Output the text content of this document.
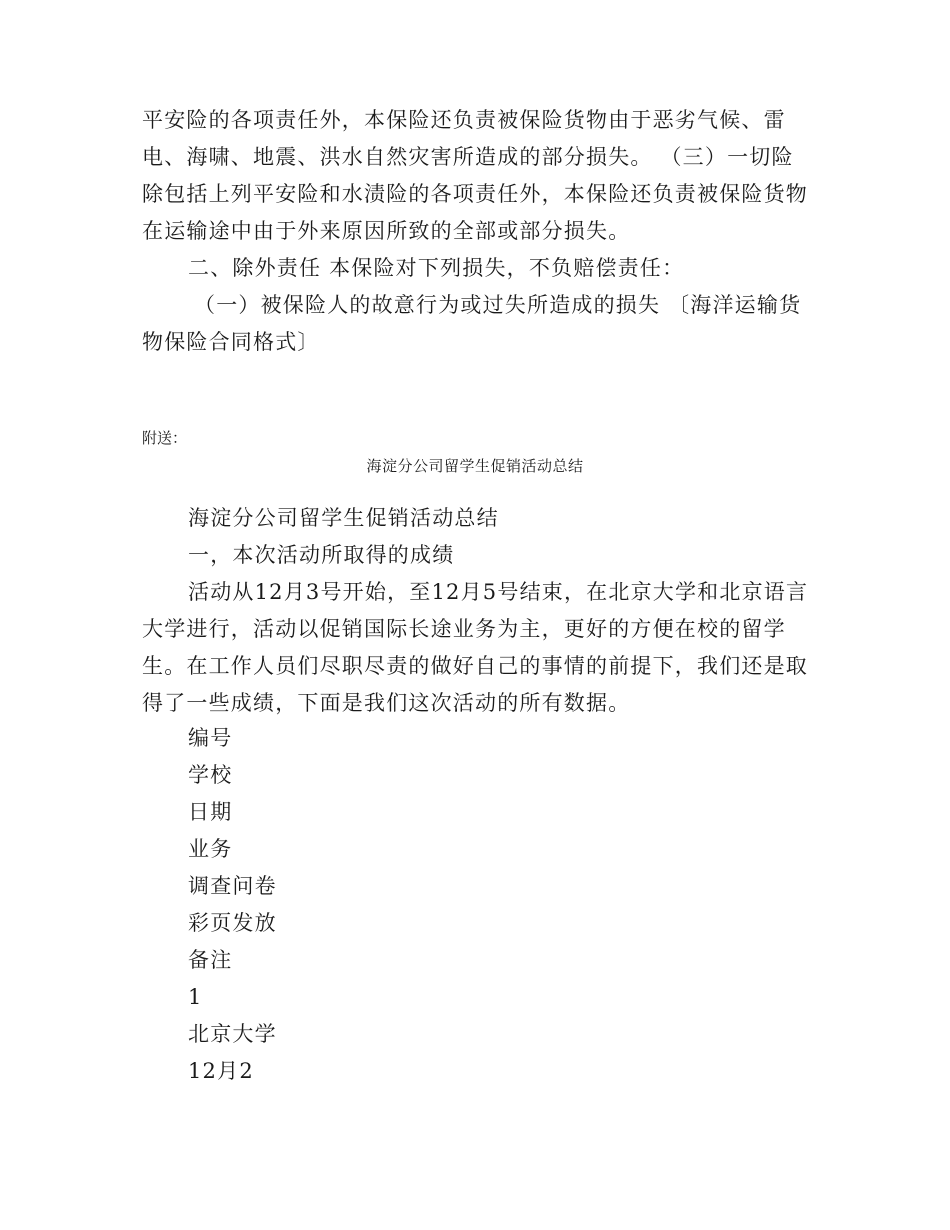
平安险的各项责任外，本保险还负责被保险货物由于恶劣气候、雷电、海啸、地震、洪水自然灾害所造成的部分损失。 （三）一切险 除包括上列平安险和水渍险的各项责任外，本保险还负责被保险货物在运输途中由于外来原因所致的全部或部分损失。

二、除外责任 本保险对下列损失，不负赔偿责任：

（一）被保险人的故意行为或过失所造成的损失 〔海洋运输货物保险合同格式〕

附送：
海淀分公司留学生促销活动总结

海淀分公司留学生促销活动总结

一，本次活动所取得的成绩

活动从12月3号开始，至12月5号结束，在北京大学和北京语言大学进行，活动以促销国际长途业务为主，更好的方便在校的留学生。在工作人员们尽职尽责的做好自己的事情的前提下，我们还是取得了一些成绩，下面是我们这次活动的所有数据。

编号
学校
日期
业务
调查问卷
彩页发放
备注
1
北京大学
12月2
